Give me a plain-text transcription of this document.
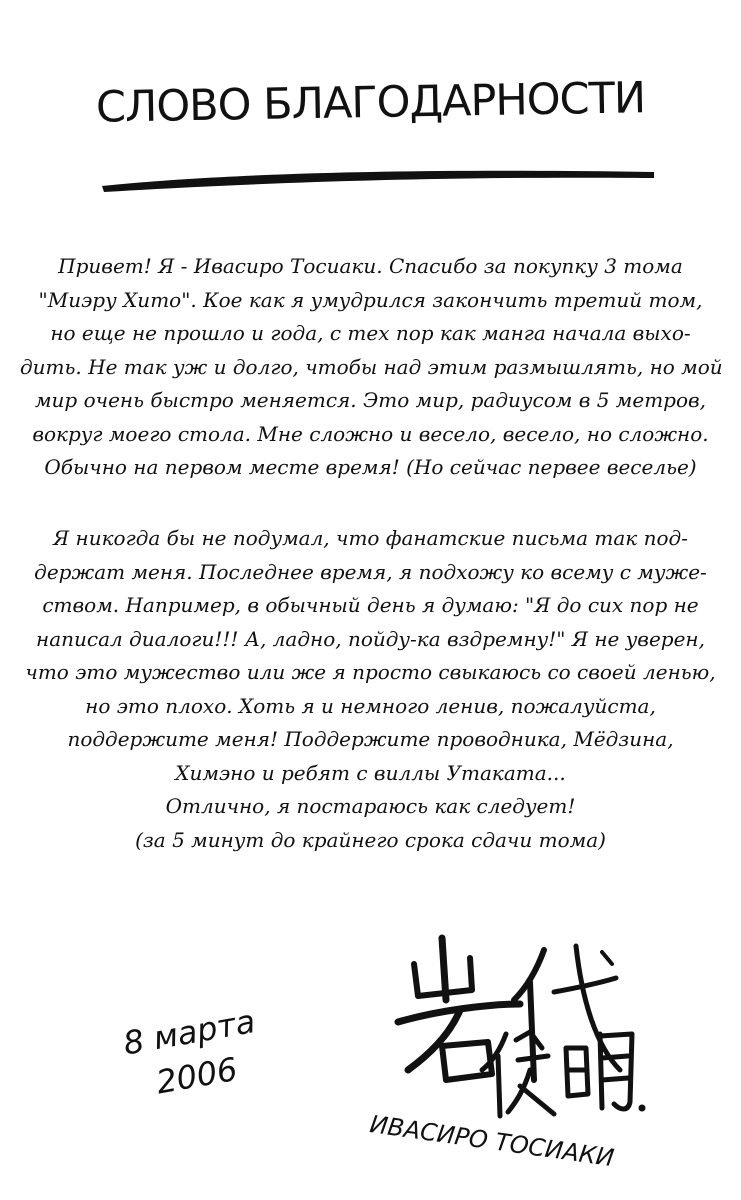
СЛОВО БЛАГОДАРНОСТИ
Привет! Я - Ивасиро Тосиаки. Спасибо за покупку 3 тома
"Миэру Хито". Кое как я умудрился закончить третий том,
но еще не прошло и года, с тех пор как манга начала выхо-
дить. Не так уж и долго, чтобы над этим размышлять, но мой
мир очень быстро меняется. Это мир, радиусом в 5 метров,
вокруг моего стола. Мне сложно и весело, весело, но сложно.
Обычно на первом месте время! (Но сейчас первее веселье)
Я никогда бы не подумал, что фанатские письма так под-
держат меня. Последнее время, я подхожу ко всему с муже-
ством. Например, в обычный день я думаю: "Я до сих пор не
написал диалоги!!! А, ладно, пойду-ка вздремну!" Я не уверен,
что это мужество или же я просто свыкаюсь со своей ленью,
но это плохо. Хоть я и немного ленив, пожалуйста,
поддержите меня! Поддержите проводника, Мёдзина,
Химэно и ребят с виллы Утаката...
Отлично, я постараюсь как следует!
(за 5 минут до крайнего срока сдачи тома)
8 марта
2006
ИВАСИРО ТОСИАКИ
